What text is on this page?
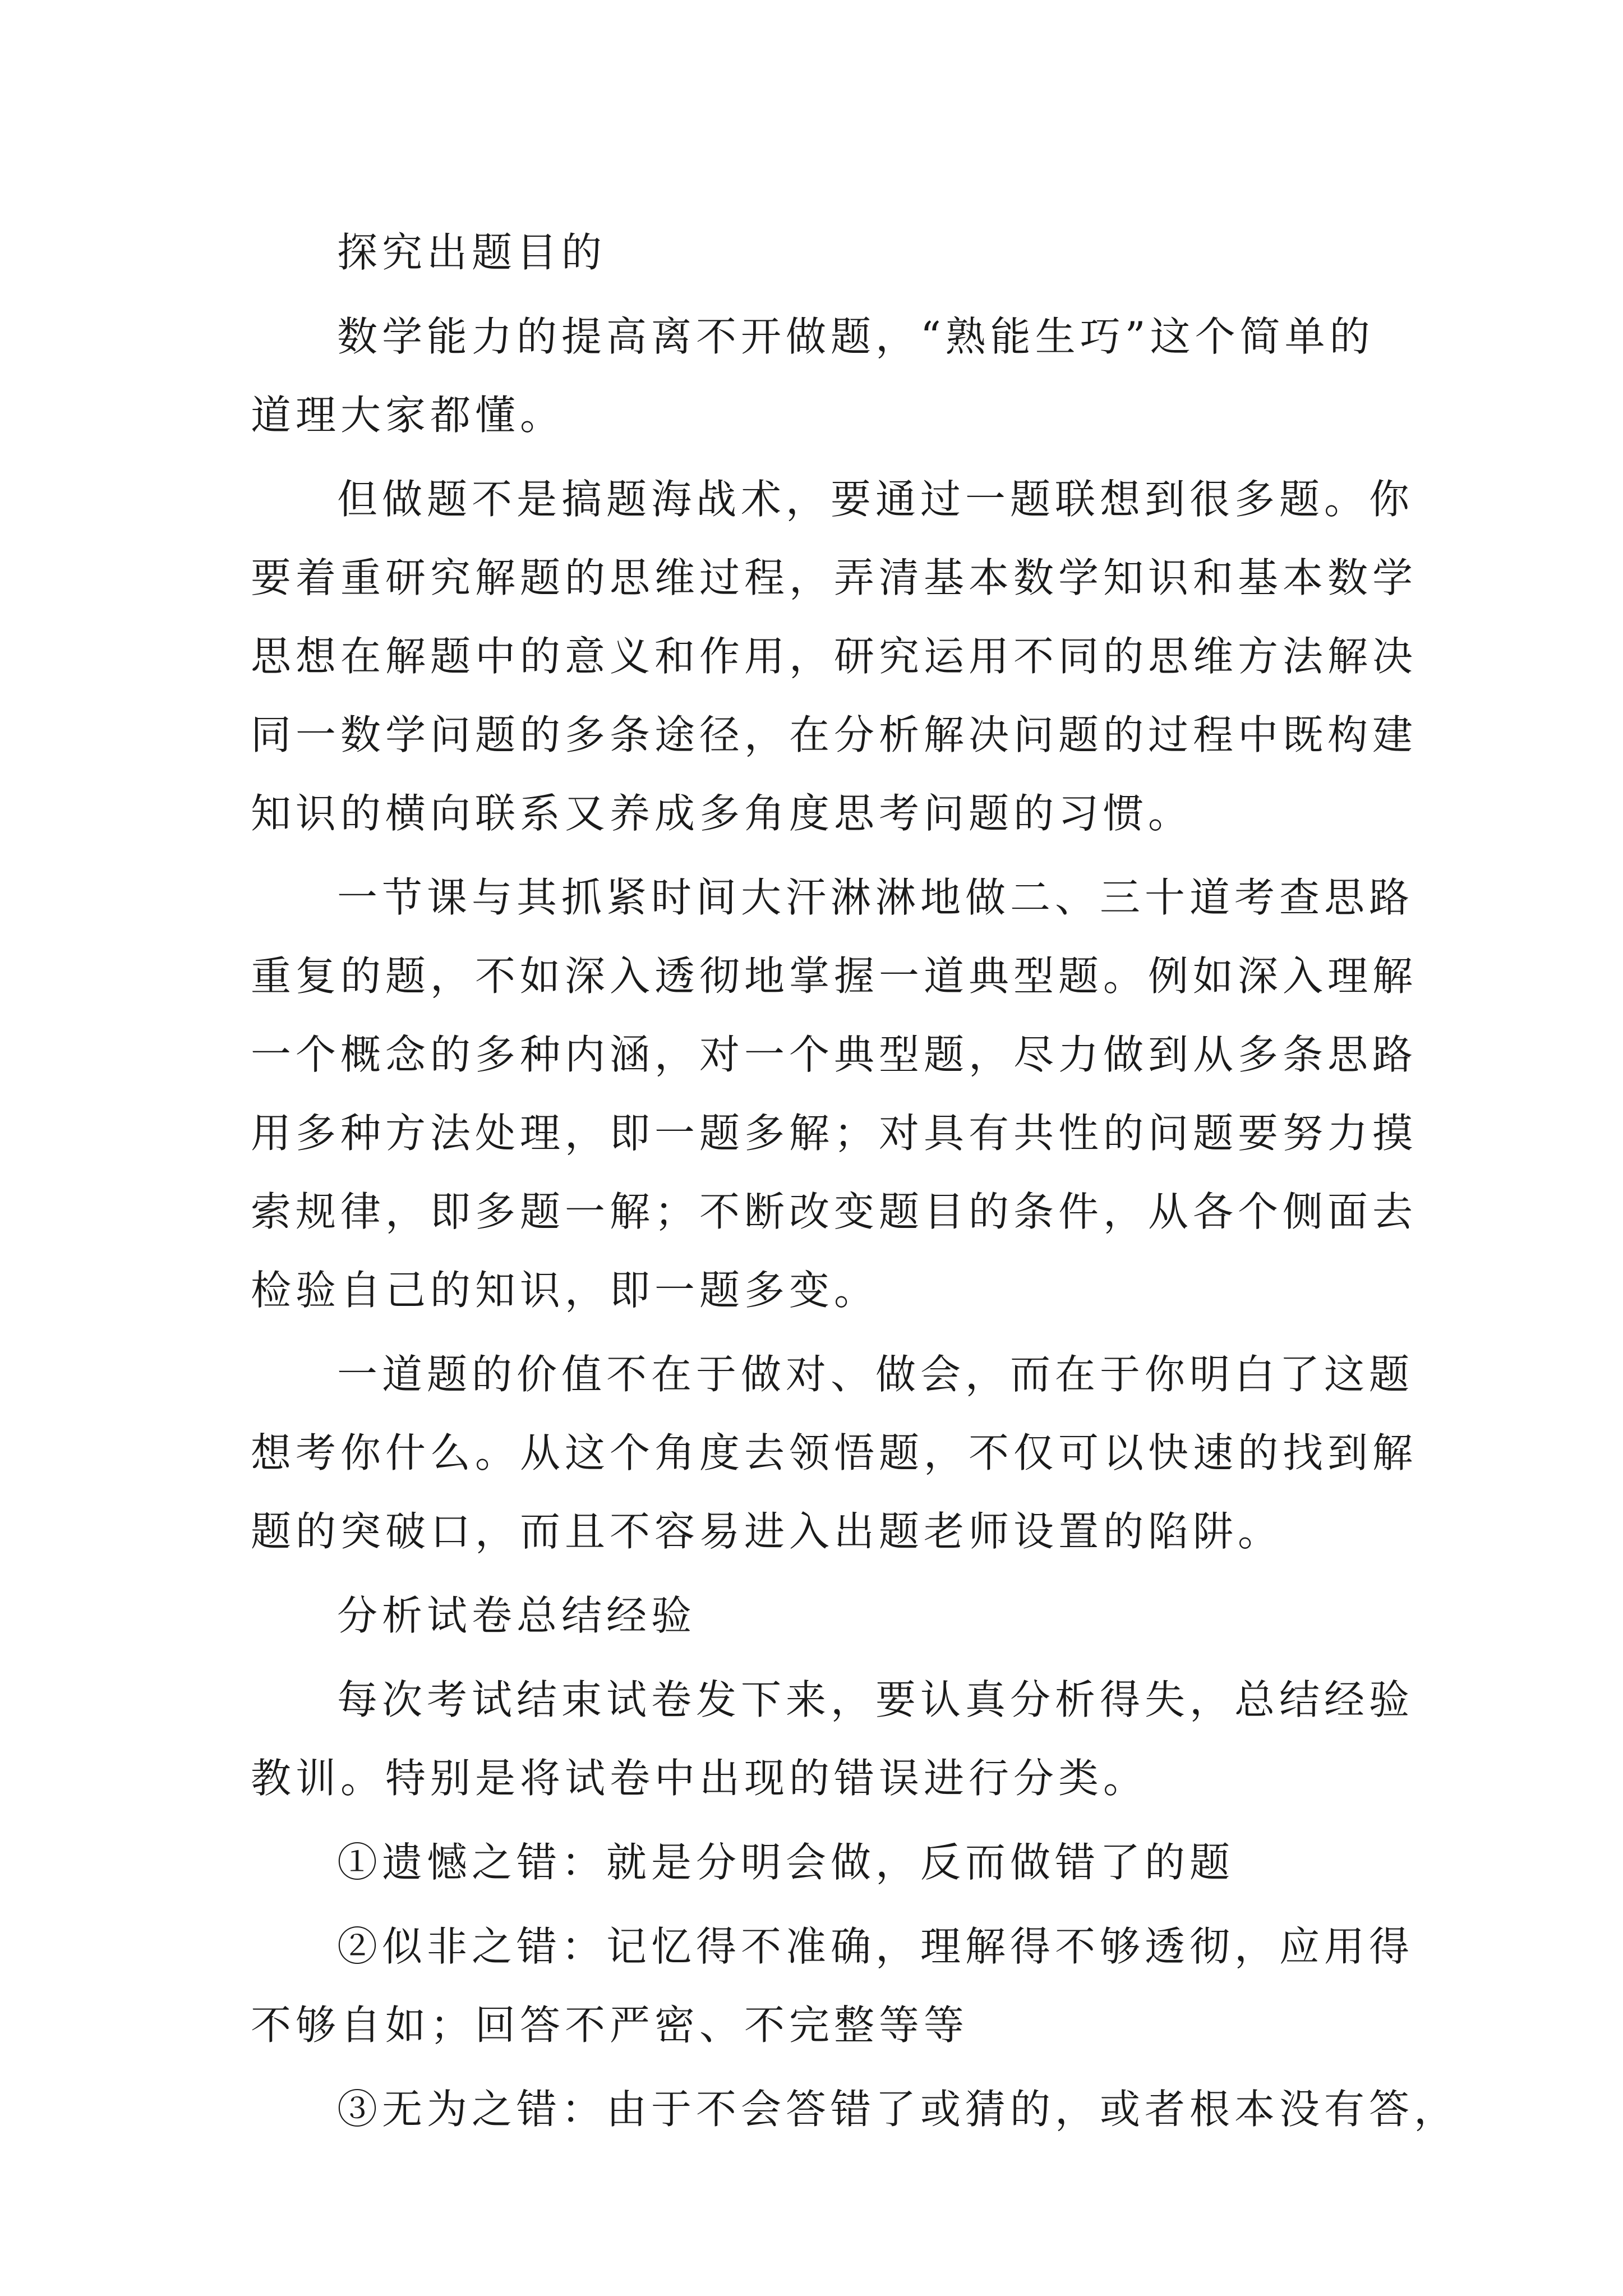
探究出题目的
数学能力的提高离不开做题，“熟能生巧”这个简单的
道理大家都懂。
但做题不是搞题海战术，要通过一题联想到很多题。你
要着重研究解题的思维过程，弄清基本数学知识和基本数学
思想在解题中的意义和作用，研究运用不同的思维方法解决
同一数学问题的多条途径，在分析解决问题的过程中既构建
知识的横向联系又养成多角度思考问题的习惯。
一节课与其抓紧时间大汗淋淋地做二、三十道考查思路
重复的题，不如深入透彻地掌握一道典型题。例如深入理解
一个概念的多种内涵，对一个典型题，尽力做到从多条思路
用多种方法处理，即一题多解；对具有共性的问题要努力摸
索规律，即多题一解；不断改变题目的条件，从各个侧面去
检验自己的知识，即一题多变。
一道题的价值不在于做对、做会，而在于你明白了这题
想考你什么。从这个角度去领悟题，不仅可以快速的找到解
题的突破口，而且不容易进入出题老师设置的陷阱。
分析试卷总结经验
每次考试结束试卷发下来，要认真分析得失，总结经验
教训。特别是将试卷中出现的错误进行分类。
①遗憾之错：就是分明会做，反而做错了的题
②似非之错：记忆得不准确，理解得不够透彻，应用得
不够自如；回答不严密、不完整等等
③无为之错：由于不会答错了或猜的，或者根本没有答，
